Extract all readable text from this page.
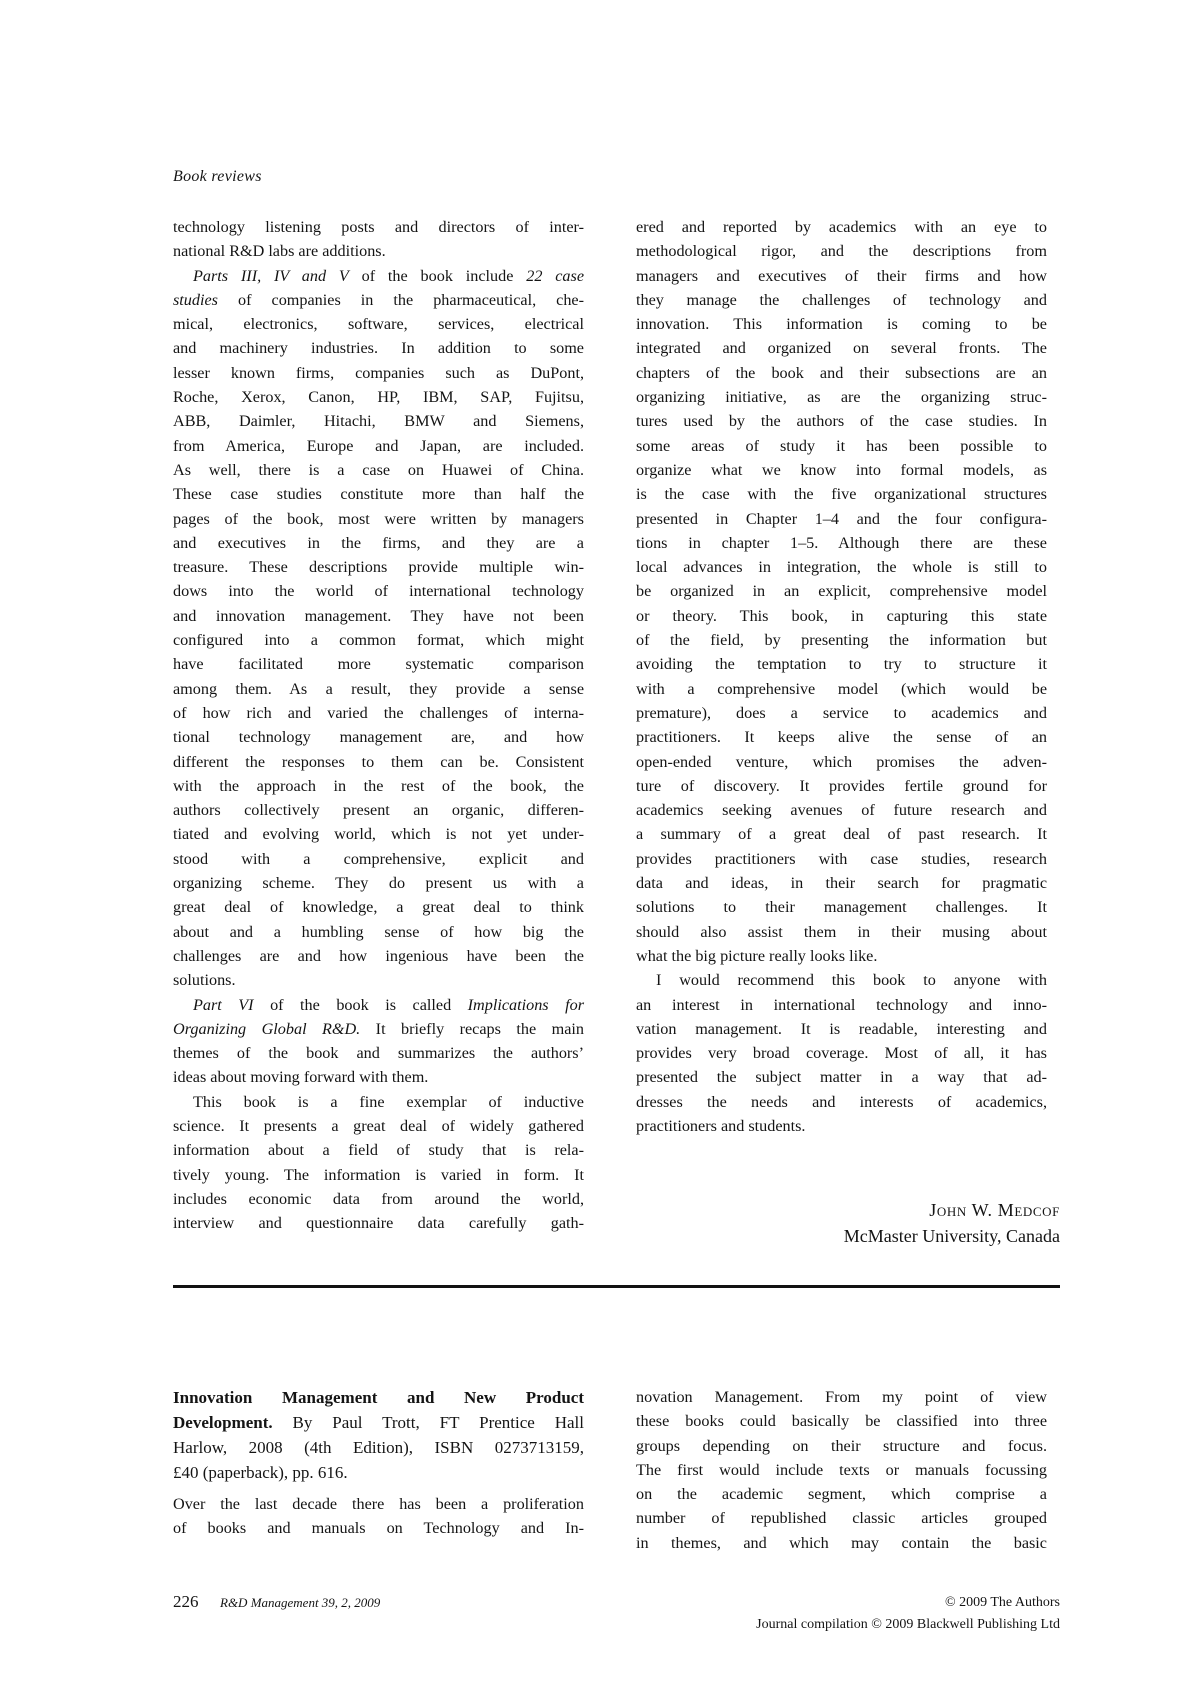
Book reviews
technology listening posts and directors of inter-
national R&D labs are additions.
Parts III, IV and V of the book include 22 case
studies of companies in the pharmaceutical, che-
mical, electronics, software, services, electrical
and machinery industries. In addition to some
lesser known firms, companies such as DuPont,
Roche, Xerox, Canon, HP, IBM, SAP, Fujitsu,
ABB, Daimler, Hitachi, BMW and Siemens,
from America, Europe and Japan, are included.
As well, there is a case on Huawei of China.
These case studies constitute more than half the
pages of the book, most were written by managers
and executives in the firms, and they are a
treasure. These descriptions provide multiple win-
dows into the world of international technology
and innovation management. They have not been
configured into a common format, which might
have facilitated more systematic comparison
among them. As a result, they provide a sense
of how rich and varied the challenges of interna-
tional technology management are, and how
different the responses to them can be. Consistent
with the approach in the rest of the book, the
authors collectively present an organic, differen-
tiated and evolving world, which is not yet under-
stood with a comprehensive, explicit and
organizing scheme. They do present us with a
great deal of knowledge, a great deal to think
about and a humbling sense of how big the
challenges are and how ingenious have been the
solutions.
Part VI of the book is called Implications for
Organizing Global R&D. It briefly recaps the main
themes of the book and summarizes the authors’
ideas about moving forward with them.
This book is a fine exemplar of inductive
science. It presents a great deal of widely gathered
information about a field of study that is rela-
tively young. The information is varied in form. It
includes economic data from around the world,
interview and questionnaire data carefully gath-
ered and reported by academics with an eye to
methodological rigor, and the descriptions from
managers and executives of their firms and how
they manage the challenges of technology and
innovation. This information is coming to be
integrated and organized on several fronts. The
chapters of the book and their subsections are an
organizing initiative, as are the organizing struc-
tures used by the authors of the case studies. In
some areas of study it has been possible to
organize what we know into formal models, as
is the case with the five organizational structures
presented in Chapter 1–4 and the four configura-
tions in chapter 1–5. Although there are these
local advances in integration, the whole is still to
be organized in an explicit, comprehensive model
or theory. This book, in capturing this state
of the field, by presenting the information but
avoiding the temptation to try to structure it
with a comprehensive model (which would be
premature), does a service to academics and
practitioners. It keeps alive the sense of an
open-ended venture, which promises the adven-
ture of discovery. It provides fertile ground for
academics seeking avenues of future research and
a summary of a great deal of past research. It
provides practitioners with case studies, research
data and ideas, in their search for pragmatic
solutions to their management challenges. It
should also assist them in their musing about
what the big picture really looks like.
I would recommend this book to anyone with
an interest in international technology and inno-
vation management. It is readable, interesting and
provides very broad coverage. Most of all, it has
presented the subject matter in a way that ad-
dresses the needs and interests of academics,
practitioners and students.
John W. Medcof
McMaster University, Canada
Innovation Management and New Product
Development. By Paul Trott, FT Prentice Hall
Harlow, 2008 (4th Edition), ISBN 0273713159,
£40 (paperback), pp. 616.
Over the last decade there has been a proliferation
of books and manuals on Technology and In-
novation Management. From my point of view
these books could basically be classified into three
groups depending on their structure and focus.
The first would include texts or manuals focussing
on the academic segment, which comprise a
number of republished classic articles grouped
in themes, and which may contain the basic
226 R&D Management 39, 2, 2009	© 2009 The Authors
Journal compilation © 2009 Blackwell Publishing Ltd
